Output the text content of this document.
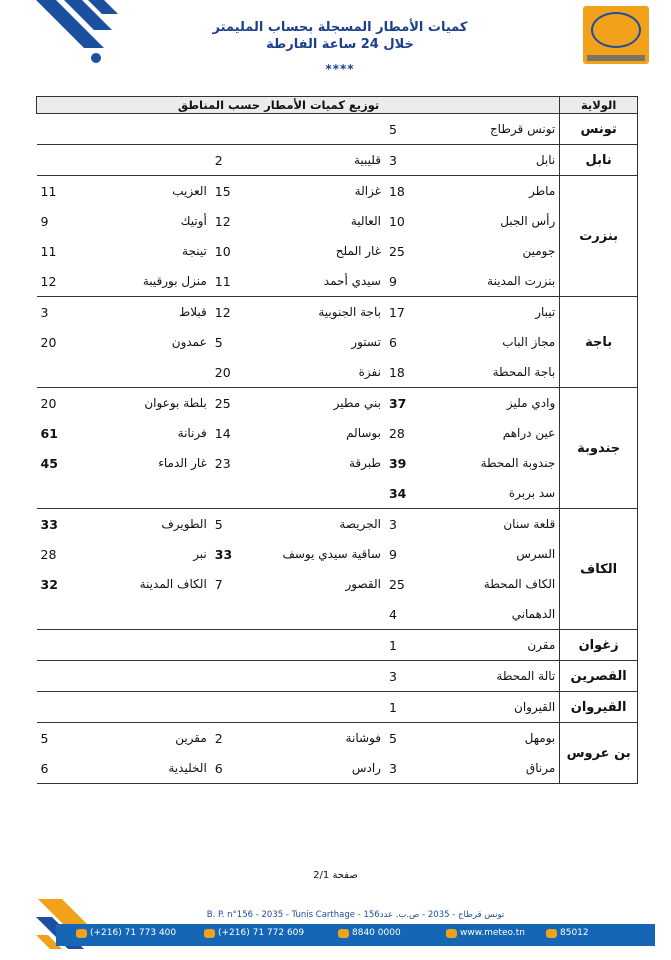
كميات الأمطار المسجلة بحساب المليمتر
خلال 24 ساعة الفارطة
****
الولاية	توزيع كميات الأمطار حسب المناطق					
تونس	تونس قرطاج	5				
نابل	نابل	3	قليبية	2		
بنزرت	ماطر	18	غزالة	15	العزيب	11
	رأس الجبل	10	العالية	12	أوتيك	9
	جومين	25	غار الملح	10	تينجة	11
	بنزرت المدينة	9	سيدي أحمد	11	منزل بورقيبة	12
باجة	تيبار	17	باجة الجنوبية	12	قبلاط	3
	مجاز الباب	6	تستور	5	عمدون	20
	باجة المحطة	18	نفزة	20		
جندوبة	وادي مليز	37	بني مطير	25	بلطة بوعوان	20
	عين دراهم	28	بوسالم	14	فرنانة	61
	جندوبة المحطة	39	طبرقة	23	غار الدماء	45
	سد بربرة	34				
الكاف	قلعة سنان	3	الجريصة	5	الطويرف	33
	السرس	9	ساقية سيدي يوسف	33	نبر	28
	الكاف المحطة	25	القصور	7	الكاف المدينة	32
	الدهماني	4				
زغوان	مقرن	1				
القصرين	تالة المحطة	3				
القيروان	القيروان	1				
بن عروس	بومهل	5	فوشانة	2	مقرين	5
	مرناق	3	رادس	6	الخليدية	6
صفحة 2/1
B. P. n°156 - 2035 - Tunis Carthage - تونس قرطاج - 2035 - ص.ب. عدد156
(+216) 71 773 400	(+216) 71 772 609	8840 0000	www.meteo.tn	85012
